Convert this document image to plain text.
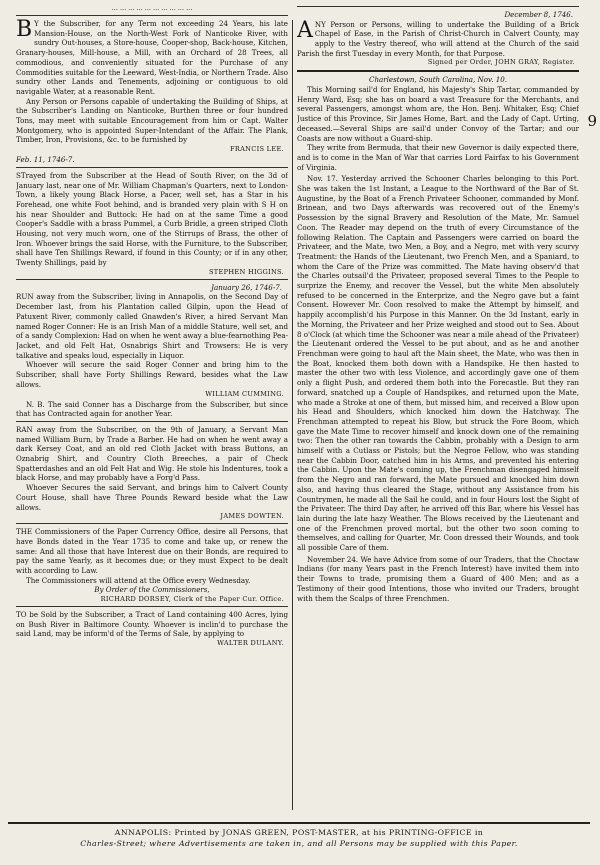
9
... ... ... ... ... ... ... ... ... ...
B Y the Subscriber, for any Term not exceeding 24 Years, his late Mansion-House, on the North-West Fork of Nanticoke River, with sundry Out-houses, a Store-house, Cooper-shop, Back-house, Kitchen, Granary-houses, Mill-house, a Mill, with an Orchard of 28 Trees, all commodious, and conveniently situated for the Purchase of any Commodities suitable for the Leeward, West-India, or Northern Trade. Also sundry other Lands and Tenements, adjoining or contiguous to old navigable Water, at a reasonable Rent.

Any Person or Persons capable of undertaking the Building of Ships, at the Subscriber's Landing on Nanticoke, Burthen three or four hundred Tons, may meet with suitable Encouragement from him or Capt. Walter Montgomery, who is appointed Super-Intendant of the Affair. The Plank, Timber, Iron, Provisions, &c. to be furnished by

FRANCIS LEE.

Feb. 11, 1746-7.

STrayed from the Subscriber at the Head of South River, on the 3d of January last, near one of Mr. William Chapman's Quarters, next to London-Town, a likely young Black Horse, a Pacer, well set, has a Star in his Forehead, one white Foot behind, and is branded very plain with S H on his near Shoulder and Buttock: He had on at the same Time a good Cooper's Saddle with a brass Pummel, a Curb Bridle, a green striped Cloth Housing, not very much worn, one of the Stirrups of Brass, the other of Iron. Whoever brings the said Horse, with the Furniture, to the Subscriber, shall have Ten Shillings Reward, if found in this County; or if in any other, Twenty Shillings, paid by

STEPHEN HIGGINS.
January 26, 1746-7.

RUN away from the Subscriber, living in Annapolis, on the Second Day of December last, from his Plantation called Gilpin, upon the Head of Patuxent River, commonly called Gnawden's River, a hired Servant Man named Roger Conner: He is an Irish Man of a middle Stature, well set, and of a sandy Complexion: Had on when he went away a blue-fearnothing Pea-Jacket, and old Felt Hat, Osnabrigs Shirt and Trowsers: He is very talkative and speaks loud, especially in Liquor.

Whoever will secure the said Roger Conner and bring him to the Subscriber, shall have Forty Shillings Reward, besides what the Law allows.

WILLIAM CUMMING.

N. B. The said Conner has a Discharge from the Subscriber, but since that has Contracted again for another Year.

RAN away from the Subscriber, on the 9th of January, a Servant Man named William Burn, by Trade a Barber. He had on when he went away a dark Kersey Coat, and an old red Cloth Jacket with brass Buttons, an Oznabrig Shirt, and Country Cloth Breeches, a pair of Check Spatterdashes and an old Felt Hat and Wig. He stole his Indentures, took a black Horse, and may probably have a Forg'd Pass.

Whoever Secures the said Servant, and brings him to Calvert County Court House, shall have Three Pounds Reward beside what the Law allows.

JAMES DOWTEN.

THE Commissioners of the Paper Currency Office, desire all Persons, that have Bonds dated in the Year 1735 to come and take up, or renew the same: And all those that have Interest due on their Bonds, are required to pay the same Yearly, as it becomes due; or they must Expect to be dealt with according to Law.

The Commissioners will attend at the Office every Wednesday.

By Order of the Commissioners,
RICHARD DORSEY, Clerk of the Paper Cur. Office.

TO be Sold by the Subscriber, a Tract of Land containing 400 Acres, lying on Bush River in Baltimore County. Whoever is inclin'd to purchase the said Land, may be inform'd of the Terms of Sale, by applying to

WALTER DULANY.
December 8, 1746.
A NY Person or Persons, willing to undertake the Building of a Brick Chapel of Ease, in the Parish of Christ-Church in Calvert County, may apply to the Vestry thereof, who will attend at the Church of the said Parish the first Tuesday in every Month, for that Purpose.

Signed per Order, JOHN GRAY, Register.
Charlestown, South Carolina, Nov. 10.

This Morning sail'd for England, his Majesty's Ship Tartar, commanded by Henry Ward, Esq; she has on board a vast Treasure for the Merchants, and several Passengers, amongst whom are, the Hon. Benj. Whitaker, Esq; Chief Justice of this Province, Sir James Home, Bart. and the Lady of Capt. Urting, deceased.—Several Ships are sail'd under Convoy of the Tartar; and our Coasts are now without a Guard-ship.

They write from Bermuda, that their new Governor is daily expected there, and is to come in the Man of War that carries Lord Fairfax to his Government of Virginia.

Nov. 17. Yesterday arrived the Schooner Charles belonging to this Port. She was taken the 1st Instant, a League to the Northward of the Bar of St. Augustine, by the Boat of a French Privateer Schooner, commanded by Monf. Brinean, and two Days afterwards was recovered out of the Enemy's Possession by the signal Bravery and Resolution of the Mate, Mr. Samuel Coon. The Reader may depend on the truth of every Circumstance of the following Relation. The Captain and Passengers were carried on board the Privateer, and the Mate, two Men, a Boy, and a Negro, met with very scurvy Treatment: the Hands of the Lieutenant, two French Men, and a Spaniard, to whom the Care of the Prize was committed. The Mate having observ'd that the Charles outsail'd the Privateer, proposed several Times to the People to surprize the Enemy, and recover the Vessel, but the white Men absolutely refused to be concerned in the Enterprize, and the Negro gave but a faint Consent. However Mr. Coon resolved to make the Attempt by himself, and happily accomplish'd his Purpose in this Manner. On the 3d Instant, early in the Morning, the Privateer and her Prize weighed and stood out to Sea. About 8 o'Clock (at which time the Schooner was near a mile ahead of the Privateer) the Lieutenant ordered the Vessel to be put about, and as he and another Frenchman were going to haul aft the Main sheet, the Mate, who was then in the Boat, knocked them both down with a Handspike. He then hasted to master the other two with less Violence, and accordingly gave one of them only a flight Push, and ordered them both into the Forecastle. But they ran forward, snatched up a Couple of Handspikes, and returned upon the Mate, who made a Stroke at one of them, but missed him, and received a Blow upon his Head and Shoulders, which knocked him down the Hatchway. The Frenchman attempted to repeat his Blow, but struck the Fore Boom, which gave the Mate Time to recover himself and knock down one of the remaining two: Then the other ran towards the Cabbin, probably with a Design to arm himself with a Cutlass or Pistols; but the Negroe Fellow, who was standing near the Cabbin Door, catched him in his Arms, and prevented his entering the Cabbin. Upon the Mate's coming up, the Frenchman disengaged himself from the Negro and ran forward, the Mate pursued and knocked him down also, and having thus cleared the Stage, without any Assistance from his Countrymen, he made all the Sail he could, and in four Hours lost the Sight of the Privateer. The third Day after, he arrived off this Bar, where his Vessel has lain during the late hazy Weather. The Blows received by the Lieutenant and one of the Frenchmen proved mortal, but the other two soon coming to themselves, and calling for Quarter, Mr. Coon dressed their Wounds, and took all possible Care of them.

November 24. We have Advice from some of our Traders, that the Choctaw Indians (for many Years past in the French Interest) have invited them into their Towns to trade, promising them a Guard of 400 Men; and as a Testimony of their good Intentions, those who invited our Traders, brought with them the Scalps of three Frenchmen.

ANNAPOLIS: Printed by JONAS GREEN, POST-MASTER, at his PRINTING-OFFICE in

Charles-Street; where Advertisements are taken in, and all Persons may be supplied with this Paper.
